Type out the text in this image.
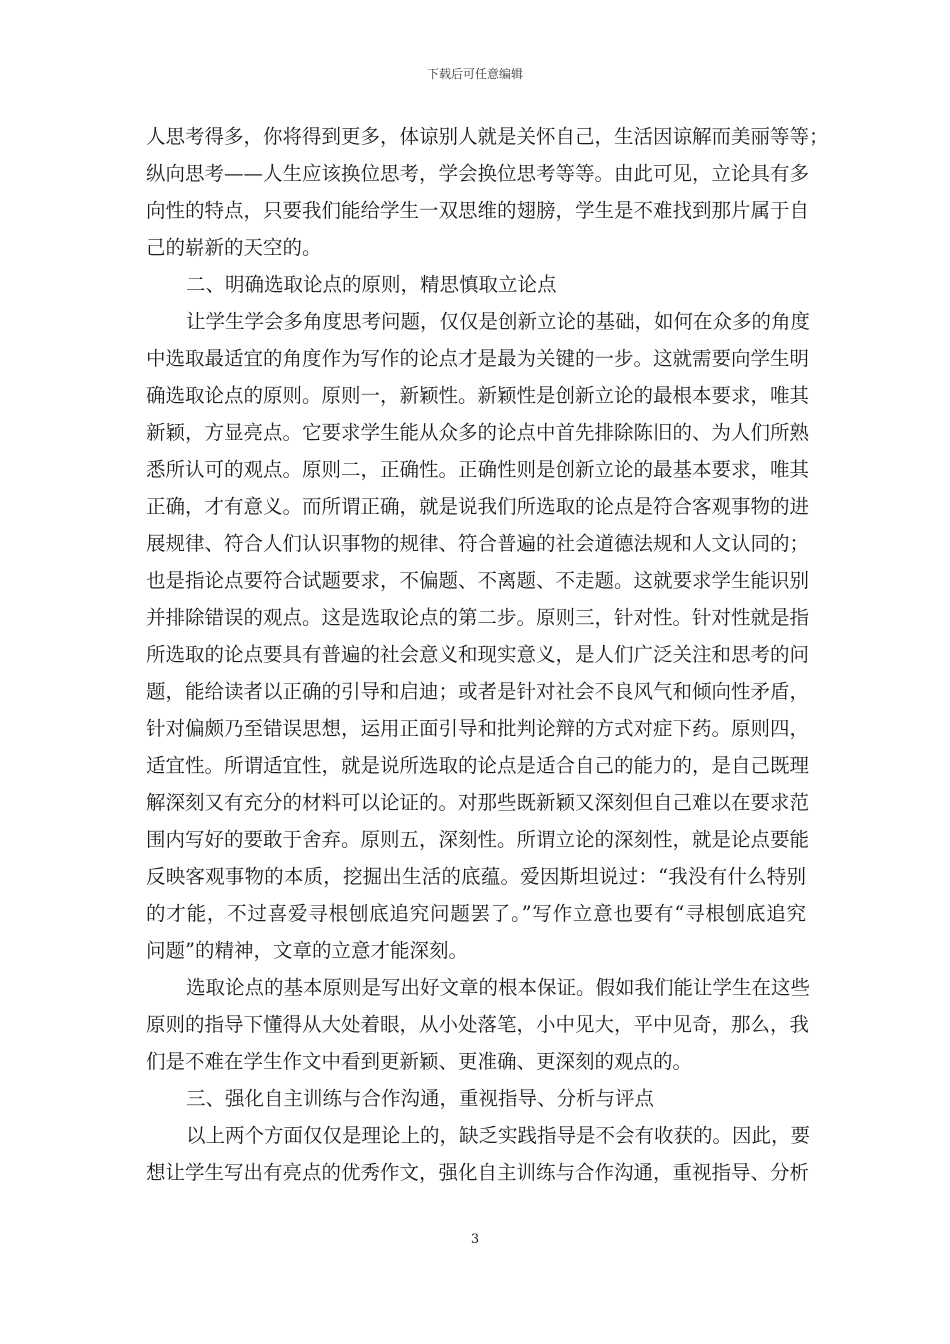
下载后可任意编辑
人思考得多，你将得到更多，体谅别人就是关怀自己，生活因谅解而美丽等等；
纵向思考——人生应该换位思考，学会换位思考等等。由此可见，立论具有多
向性的特点，只要我们能给学生一双思维的翅膀，学生是不难找到那片属于自
己的崭新的天空的。
二、明确选取论点的原则，精思慎取立论点
让学生学会多角度思考问题，仅仅是创新立论的基础，如何在众多的角度
中选取最适宜的角度作为写作的论点才是最为关键的一步。这就需要向学生明
确选取论点的原则。原则一，新颖性。新颖性是创新立论的最根本要求，唯其
新颖，方显亮点。它要求学生能从众多的论点中首先排除陈旧的、为人们所熟
悉所认可的观点。原则二，正确性。正确性则是创新立论的最基本要求，唯其
正确，才有意义。而所谓正确，就是说我们所选取的论点是符合客观事物的进
展规律、符合人们认识事物的规律、符合普遍的社会道德法规和人文认同的；
也是指论点要符合试题要求，不偏题、不离题、不走题。这就要求学生能识别
并排除错误的观点。这是选取论点的第二步。原则三，针对性。针对性就是指
所选取的论点要具有普遍的社会意义和现实意义，是人们广泛关注和思考的问
题，能给读者以正确的引导和启迪；或者是针对社会不良风气和倾向性矛盾，
针对偏颇乃至错误思想，运用正面引导和批判论辩的方式对症下药。原则四，
适宜性。所谓适宜性，就是说所选取的论点是适合自己的能力的，是自己既理
解深刻又有充分的材料可以论证的。对那些既新颖又深刻但自己难以在要求范
围内写好的要敢于舍弃。原则五，深刻性。所谓立论的深刻性，就是论点要能
反映客观事物的本质，挖掘出生活的底蕴。爱因斯坦说过：“我没有什么特别
的才能，不过喜爱寻根刨底追究问题罢了。”写作立意也要有“寻根刨底追究
问题”的精神，文章的立意才能深刻。
选取论点的基本原则是写出好文章的根本保证。假如我们能让学生在这些
原则的指导下懂得从大处着眼，从小处落笔，小中见大，平中见奇，那么，我
们是不难在学生作文中看到更新颖、更准确、更深刻的观点的。
三、强化自主训练与合作沟通，重视指导、分析与评点
以上两个方面仅仅是理论上的，缺乏实践指导是不会有收获的。因此，要
想让学生写出有亮点的优秀作文，强化自主训练与合作沟通，重视指导、分析
3
